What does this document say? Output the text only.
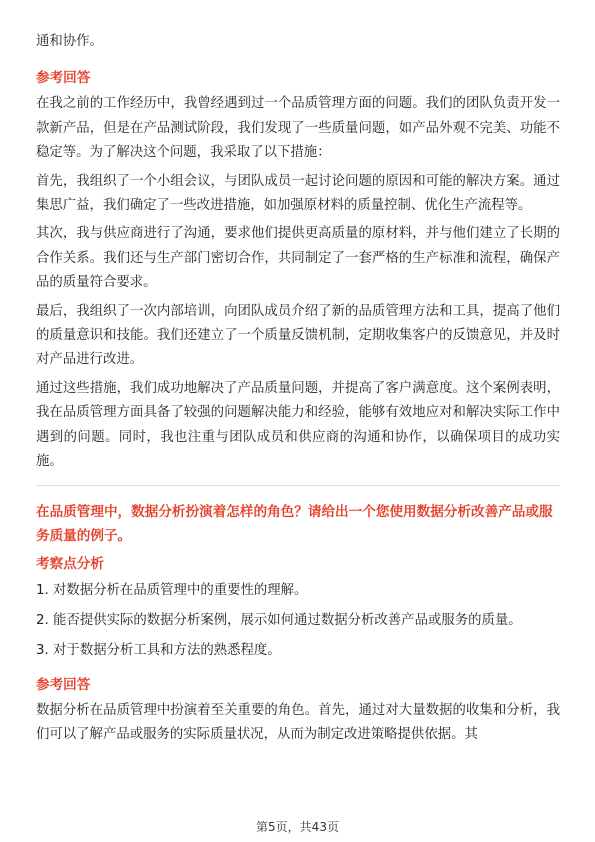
通和协作。

参考回答

在我之前的工作经历中，我曾经遇到过一个品质管理方面的问题。我们的团队负责开发一款新产品，但是在产品测试阶段，我们发现了一些质量问题，如产品外观不完美、功能不稳定等。为了解决这个问题，我采取了以下措施：

首先，我组织了一个小组会议，与团队成员一起讨论问题的原因和可能的解决方案。通过集思广益，我们确定了一些改进措施，如加强原材料的质量控制、优化生产流程等。

其次，我与供应商进行了沟通，要求他们提供更高质量的原材料，并与他们建立了长期的合作关系。我们还与生产部门密切合作，共同制定了一套严格的生产标准和流程，确保产品的质量符合要求。

最后，我组织了一次内部培训，向团队成员介绍了新的品质管理方法和工具，提高了他们的质量意识和技能。我们还建立了一个质量反馈机制，定期收集客户的反馈意见，并及时对产品进行改进。

通过这些措施，我们成功地解决了产品质量问题，并提高了客户满意度。这个案例表明，我在品质管理方面具备了较强的问题解决能力和经验，能够有效地应对和解决实际工作中遇到的问题。同时，我也注重与团队成员和供应商的沟通和协作，以确保项目的成功实施。

在品质管理中，数据分析扮演着怎样的角色？请给出一个您使用数据分析改善产品或服务质量的例子。
考察点分析
1. 对数据分析在品质管理中的重要性的理解。
2. 能否提供实际的数据分析案例，展示如何通过数据分析改善产品或服务的质量。
3. 对于数据分析工具和方法的熟悉程度。
参考回答

数据分析在品质管理中扮演着至关重要的角色。首先，通过对大量数据的收集和分析，我们可以了解产品或服务的实际质量状况，从而为制定改进策略提供依据。其

第5页，共43页
